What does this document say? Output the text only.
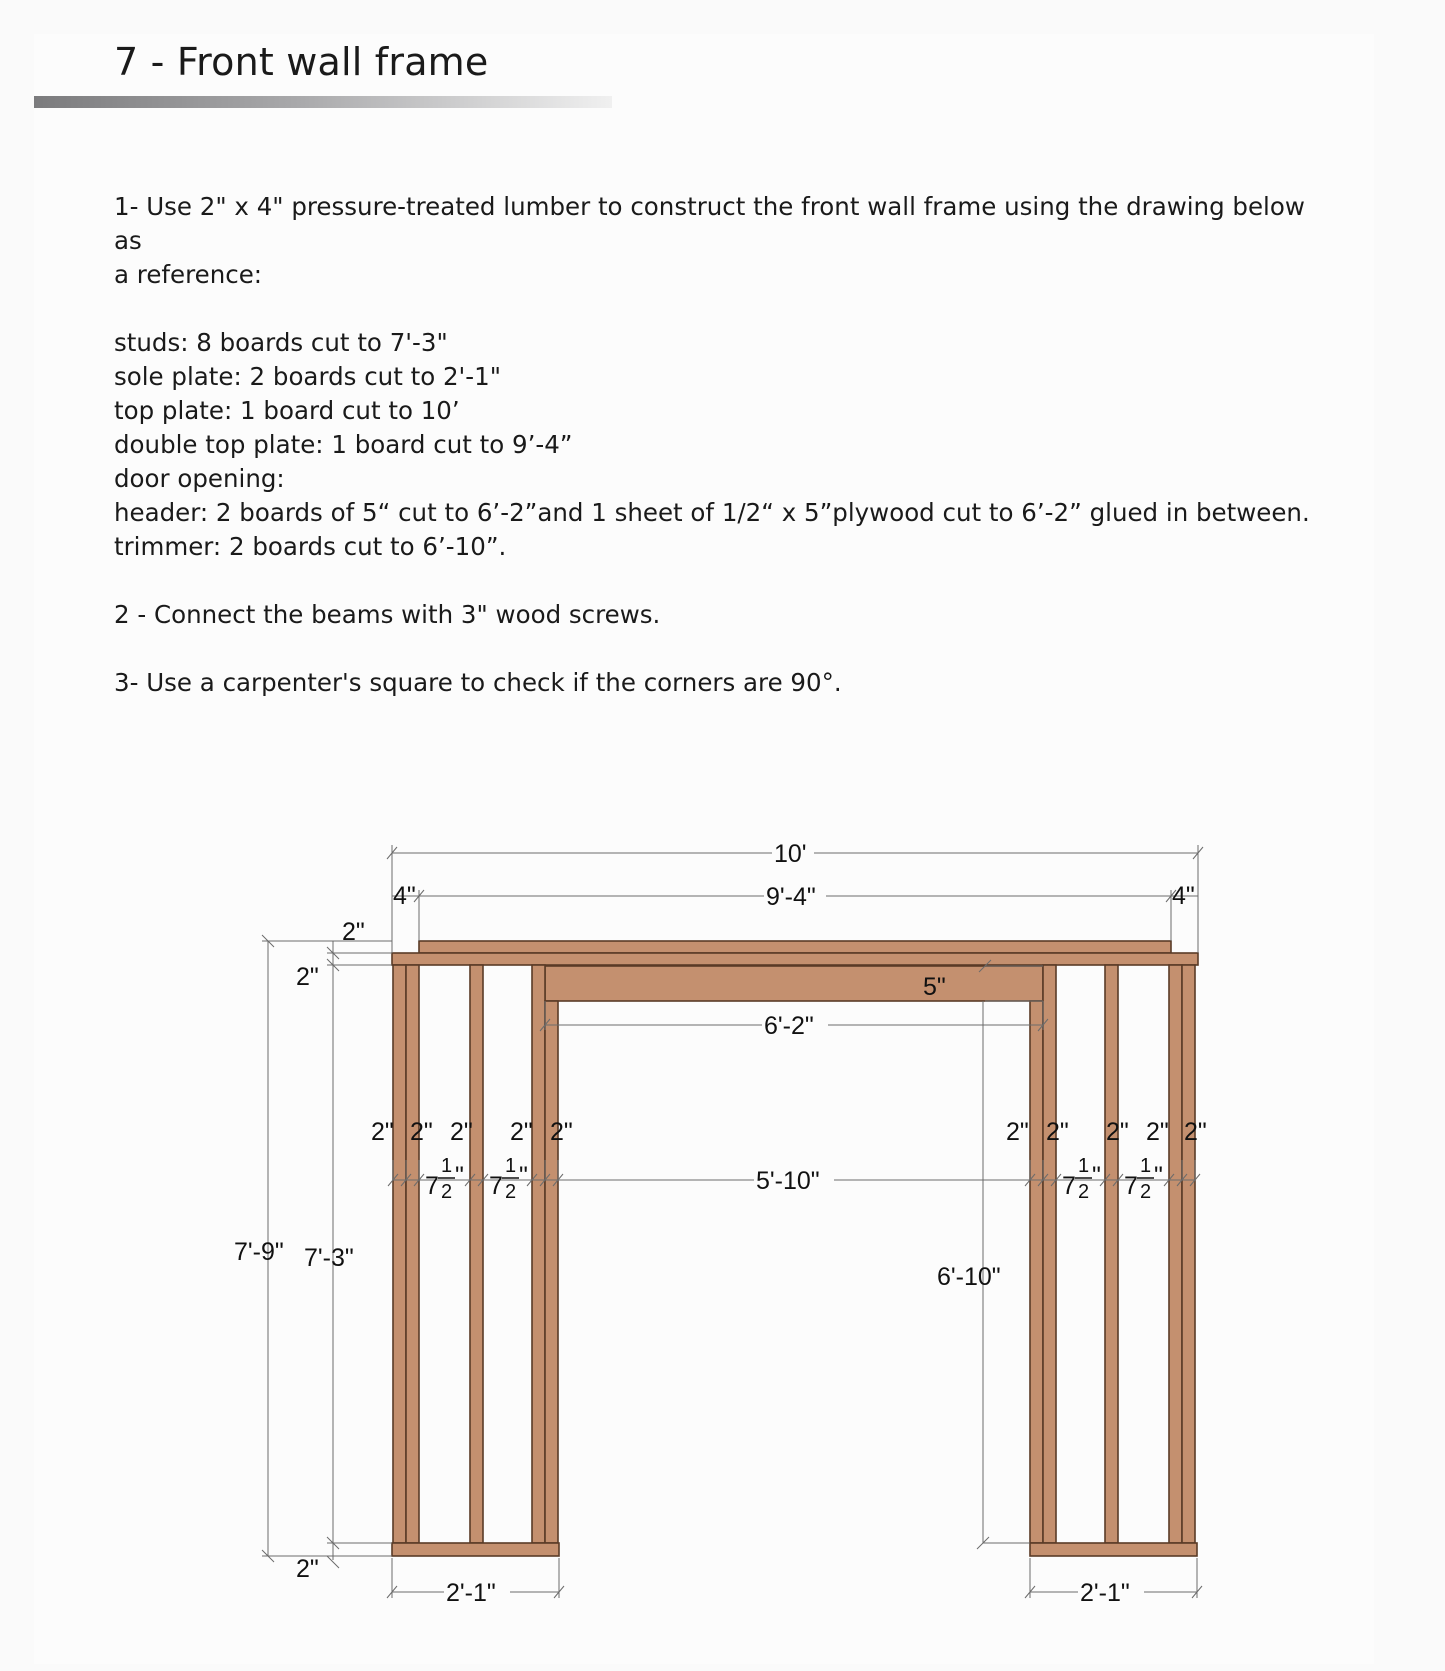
7 - Front wall frame

1- Use 2" x 4" pressure-treated lumber to construct the front wall frame using the drawing below as

a reference:

studs: 8 boards cut to 7'-3"

sole plate: 2 boards cut to 2'-1"

top plate: 1 board cut to 10’

double top plate: 1 board cut to 9’-4”

door opening:

header: 2 boards of 5“ cut to 6’-2”and 1 sheet of 1/2“ x 5”plywood cut to 6’-2” glued in between.

trimmer: 2 boards cut to 6’-10”.

2 - Connect the beams with 3" wood screws.

3- Use a carpenter's square to check if the corners are 90°.

10'
9'-4"
4"	4"
2"
2"	5"
6'-2"
5'-10"
6'-10"
7'-9" 7'-3"
2"
2'-1"	2'-1"
2" 2" 2" 2" 2"	2" 2" 2" 2" 2"
7
1
2
" 7
1
2
"	7
1
2
" 7
1
2
"
